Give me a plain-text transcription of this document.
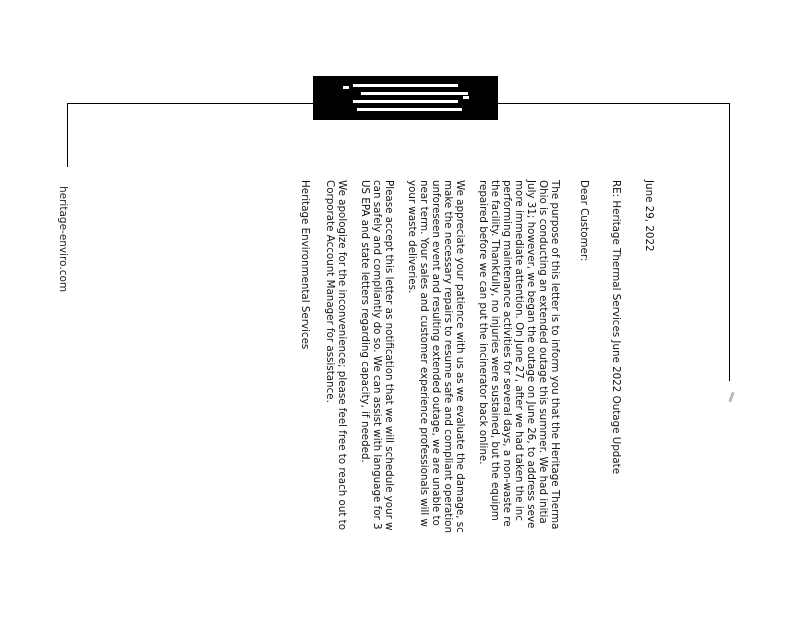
June 29, 2022
RE: Heritage Thermal Services June 2022 Outage Update
Dear Customer:
The purpose of this letter is to inform you that the Heritage Therma
Ohio is conducting an extended outage this summer. We had initia
July 31; however, we began the outage on June 26, to address seve
more immediate attention. On June 27, after we had taken the inc
performing maintenance activities for several days, a non-waste re
the facility. Thankfully, no injuries were sustained, but the equipm
repaired before we can put the incinerator back online.
We appreciate your patience with us as we evaluate the damage, sc
make the necessary repairs to resume safe and compliant operation
unforeseen event and resulting extended outage, we are unable to
near term. Your sales and customer experience professionals will w
your waste deliveries.
Please accept this letter as notification that we will schedule your w
can safely and compliantly do so. We can assist with language for 3
US EPA and state letters regarding capacity, if needed.
We apologize for the inconvenience; please feel free to reach out to
Corporate Account Manager for assistance.
Heritage Environmental Services
heritage-enviro.com
